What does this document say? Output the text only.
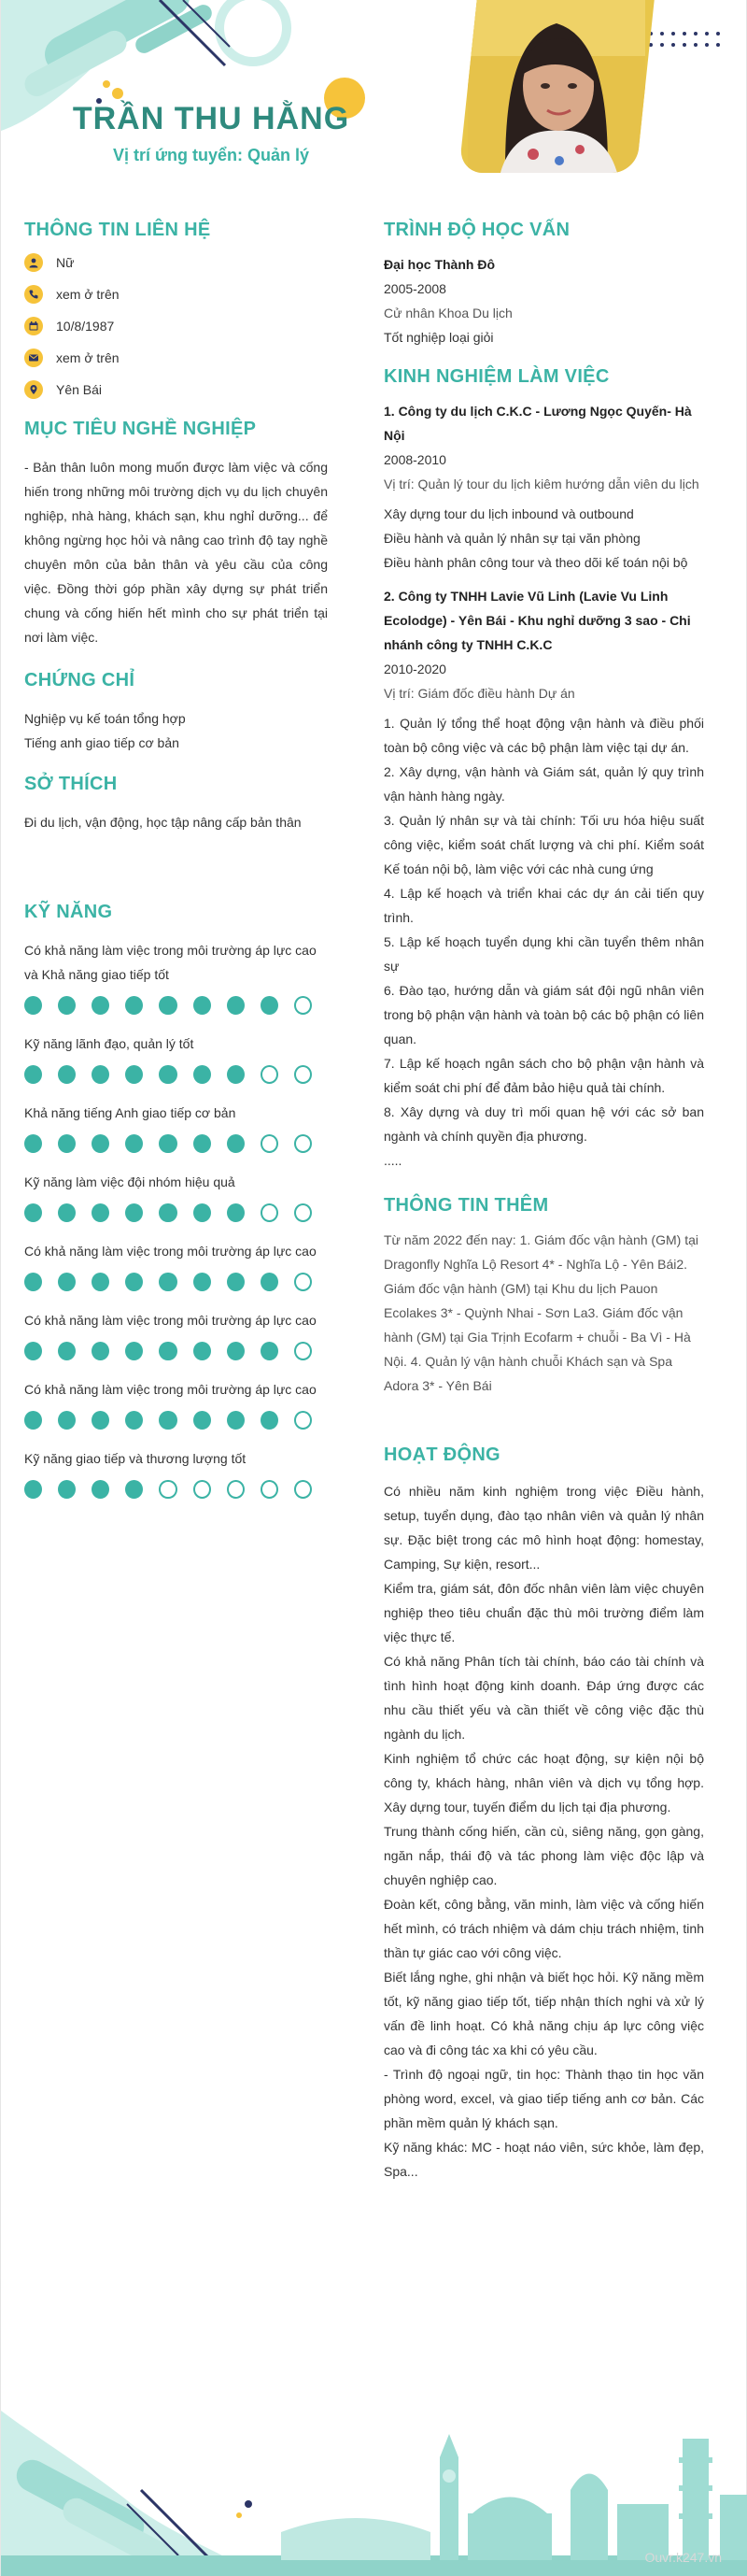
TRẦN THU HẰNG
Vị trí ứng tuyển: Quản lý
THÔNG TIN LIÊN HỆ
Nữ
xem ở trên
10/8/1987
xem ở trên
Yên Bái
MỤC TIÊU NGHỀ NGHIỆP
- Bản thân luôn mong muốn được làm việc và cống hiến trong những môi trường dịch vụ du lịch chuyên nghiệp, nhà hàng, khách sạn, khu nghỉ dưỡng... để không ngừng học hỏi và nâng cao trình độ tay nghề chuyên môn của bản thân và yêu cầu của công việc. Đồng thời góp phần xây dựng sự phát triển chung và cống hiến hết mình cho sự phát triển tại nơi làm việc.
CHỨNG CHỈ
Nghiệp vụ kế toán tổng hợp
Tiếng anh giao tiếp cơ bản
SỞ THÍCH
Đi du lịch, vận động, học tập nâng cấp bản thân
KỸ NĂNG
Có khả năng làm việc trong môi trường áp lực cao và Khả năng giao tiếp tốt
Kỹ năng lãnh đạo, quản lý tốt
Khả năng tiếng Anh giao tiếp cơ bản
Kỹ năng làm việc đội nhóm hiệu quả
Có khả năng làm việc trong môi trường áp lực cao
Có khả năng làm việc trong môi trường áp lực cao
Có khả năng làm việc trong môi trường áp lực cao
Kỹ năng giao tiếp và thương lượng tốt
TRÌNH ĐỘ HỌC VẤN
Đại học Thành Đô
2005-2008
Cử nhân Khoa Du lịch
Tốt nghiệp loại giỏi
KINH NGHIỆM LÀM VIỆC
1. Công ty du lịch C.K.C - Lương Ngọc Quyến- Hà Nội
2008-2010
Vị trí: Quản lý tour du lịch kiêm hướng dẫn viên du lịch
Xây dựng tour du lịch inbound và outbound
Điều hành và quản lý nhân sự tại văn phòng
Điều hành phân công tour và theo dõi kế toán nội bộ
2. Công ty TNHH Lavie Vũ Linh (Lavie Vu Linh Ecolodge) - Yên Bái - Khu nghỉ dưỡng 3 sao - Chi nhánh công ty TNHH C.K.C
2010-2020
Vị trí: Giám đốc điều hành Dự án
1. Quản lý tổng thể hoạt động vận hành và điều phối toàn bộ công việc và các bộ phận làm việc tại dự án.
2. Xây dựng, vận hành và Giám sát, quản lý quy trình vận hành hàng ngày.
3. Quản lý nhân sự và tài chính: Tối ưu hóa hiệu suất công việc, kiểm soát chất lượng và chi phí. Kiểm soát Kế toán nội bộ, làm việc với các nhà cung ứng
4. Lập kế hoạch và triển khai các dự án cải tiến quy trình.
5. Lập kế hoạch tuyển dụng khi cần tuyển thêm nhân sự
6. Đào tạo, hướng dẫn và giám sát đội ngũ nhân viên trong bộ phận vận hành và toàn bộ các bộ phận có liên quan.
7. Lập kế hoạch ngân sách cho bộ phận vận hành và kiểm soát chi phí để đảm bảo hiệu quả tài chính.
8. Xây dựng và duy trì mối quan hệ với các sở ban ngành và chính quyền địa phương.
.....
THÔNG TIN THÊM
Từ năm 2022 đến nay: 1. Giám đốc vận hành (GM) tại Dragonfly Nghĩa Lộ Resort 4* - Nghĩa Lộ - Yên Bái2. Giám đốc vận hành (GM) tại Khu du lịch Pauon Ecolakes 3* - Quỳnh Nhai - Sơn La3. Giám đốc vận hành (GM) tại Gia Trịnh Ecofarm + chuỗi - Ba Vì - Hà Nội. 4. Quản lý vận hành chuỗi Khách sạn và Spa Adora 3* - Yên Bái
HOẠT ĐỘNG
Có nhiều năm kinh nghiệm trong việc Điều hành, setup, tuyển dụng, đào tạo nhân viên và quản lý nhân sự. Đặc biệt trong các mô hình hoạt động: homestay, Camping, Sự kiện, resort...
Kiểm tra, giám sát, đôn đốc nhân viên làm việc chuyên nghiệp theo tiêu chuẩn đặc thù môi trường điểm làm việc thực tế.
Có khả năng Phân tích tài chính, báo cáo tài chính và tình hình hoạt động kinh doanh. Đáp ứng được các nhu cầu thiết yếu và cần thiết về công việc đặc thù ngành du lịch.
Kinh nghiệm tổ chức các hoạt động, sự kiện nội bộ công ty, khách hàng, nhân viên và dịch vụ tổng hợp. Xây dựng tour, tuyến điểm du lịch tại địa phương.
Trung thành cống hiến, cần cù, siêng năng, gọn gàng, ngăn nắp, thái độ và tác phong làm việc độc lập và chuyên nghiệp cao.
Đoàn kết, công bằng, văn minh, làm việc và cống hiến hết mình, có trách nhiệm và dám chịu trách nhiệm, tinh thần tự giác cao với công việc.
Biết lắng nghe, ghi nhận và biết học hỏi. Kỹ năng mềm tốt, kỹ năng giao tiếp tốt, tiếp nhận thích nghi và xử lý vấn đề linh hoạt. Có khả năng chịu áp lực công việc cao và đi công tác xa khi có yêu cầu.
- Trình độ ngoại ngữ, tin học: Thành thạo tin học văn phòng word, excel, và giao tiếp tiếng anh cơ bản. Các phần mềm quản lý khách sạn.
Kỹ năng khác: MC - hoạt náo viên, sức khỏe, làm đẹp, Spa...
Ouvr.k247.vn
